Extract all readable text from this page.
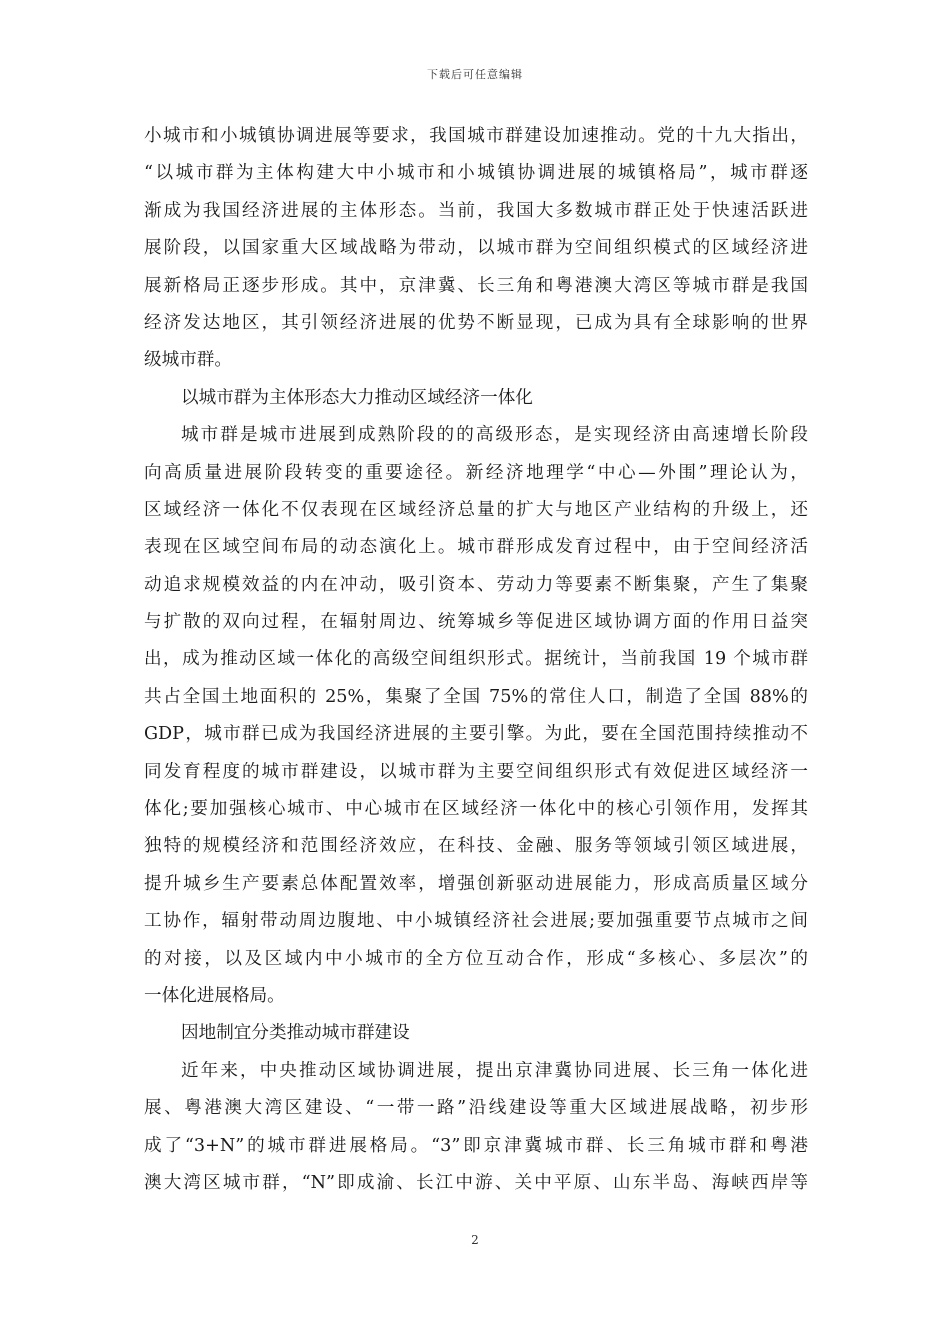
下载后可任意编辑
小城市和小城镇协调进展等要求，我国城市群建设加速推动。党的十九大指出，
“以城市群为主体构建大中小城市和小城镇协调进展的城镇格局”，城市群逐
渐成为我国经济进展的主体形态。当前，我国大多数城市群正处于快速活跃进
展阶段，以国家重大区域战略为带动，以城市群为空间组织模式的区域经济进
展新格局正逐步形成。其中，京津冀、长三角和粤港澳大湾区等城市群是我国
经济发达地区，其引领经济进展的优势不断显现，已成为具有全球影响的世界
级城市群。
以城市群为主体形态大力推动区域经济一体化
城市群是城市进展到成熟阶段的的高级形态，是实现经济由高速增长阶段
向高质量进展阶段转变的重要途径。新经济地理学“中心—外围”理论认为，
区域经济一体化不仅表现在区域经济总量的扩大与地区产业结构的升级上，还
表现在区域空间布局的动态演化上。城市群形成发育过程中，由于空间经济活
动追求规模效益的内在冲动，吸引资本、劳动力等要素不断集聚，产生了集聚
与扩散的双向过程，在辐射周边、统筹城乡等促进区域协调方面的作用日益突
出，成为推动区域一体化的高级空间组织形式。据统计，当前我国 19 个城市群
共占全国土地面积的 25%，集聚了全国 75%的常住人口，制造了全国 88%的
GDP，城市群已成为我国经济进展的主要引擎。为此，要在全国范围持续推动不
同发育程度的城市群建设，以城市群为主要空间组织形式有效促进区域经济一
体化;要加强核心城市、中心城市在区域经济一体化中的核心引领作用，发挥其
独特的规模经济和范围经济效应，在科技、金融、服务等领域引领区域进展，
提升城乡生产要素总体配置效率，增强创新驱动进展能力，形成高质量区域分
工协作，辐射带动周边腹地、中小城镇经济社会进展;要加强重要节点城市之间
的对接，以及区域内中小城市的全方位互动合作，形成“多核心、多层次”的
一体化进展格局。
因地制宜分类推动城市群建设
近年来，中央推动区域协调进展，提出京津冀协同进展、长三角一体化进
展、粤港澳大湾区建设、“一带一路”沿线建设等重大区域进展战略，初步形
成了“3+N”的城市群进展格局。“3”即京津冀城市群、长三角城市群和粤港
澳大湾区城市群，“N”即成渝、长江中游、关中平原、山东半岛、海峡西岸等
2
